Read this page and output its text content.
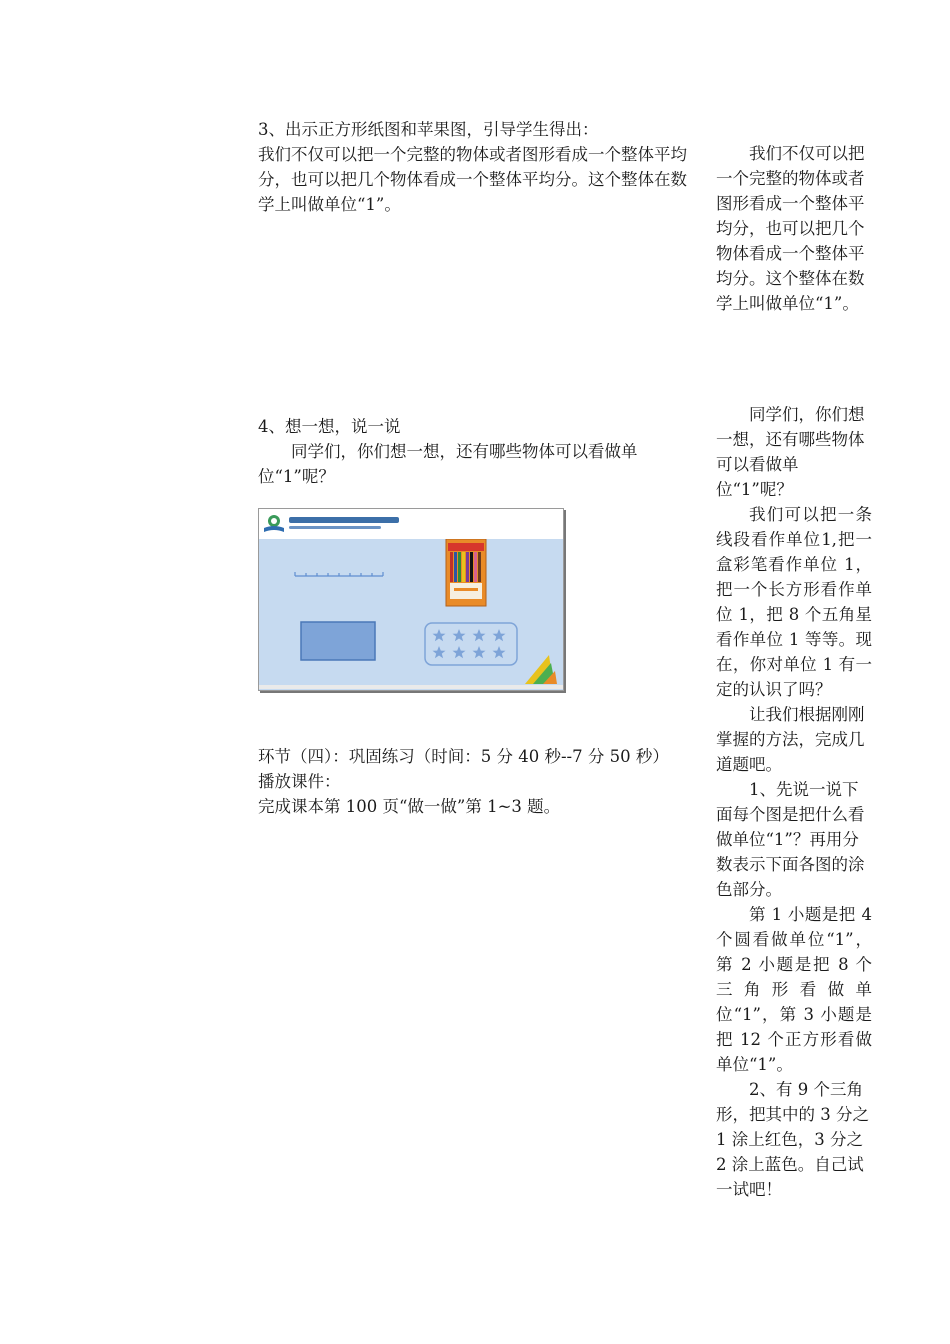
3、出示正方形纸图和苹果图，引导学生得出：

我们不仅可以把一个完整的物体或者图形看成一个整体平均分，也可以把几个物体看成一个整体平均分。这个整体在数学上叫做单位“1”。

4、想一想，说一说

同学们，你们想一想，还有哪些物体可以看做单位“1”呢？

环节（四）：巩固练习（时间：5 分 40 秒--7 分 50 秒）

播放课件：

完成课本第 100 页“做一做”第 1~3 题。

我们不仅可以把一个完整的物体或者图形看成一个整体平均分，也可以把几个物体看成一个整体平均分。这个整体在数学上叫做单位“1”。

同学们，你们想一想，还有哪些物体可以看做单位“1”呢？

我们可以把一条线段看作单位1,把一盒彩笔看作单位 1，把一个长方形看作单位 1，把 8 个五角星看作单位 1 等等。现在，你对单位 1 有一定的认识了吗？

让我们根据刚刚掌握的方法，完成几道题吧。

1、先说一说下面每个图是把什么看做单位“1”？再用分数表示下面各图的涂色部分。

第 1 小题是把 4 个圆看做单位“1”，第 2 小题是把 8 个三角形看做单位“1”，第 3 小题是把 12 个正方形看做单位“1”。

2、有 9 个三角形，把其中的 3 分之 1 涂上红色，3 分之 2 涂上蓝色。自己试一试吧！
